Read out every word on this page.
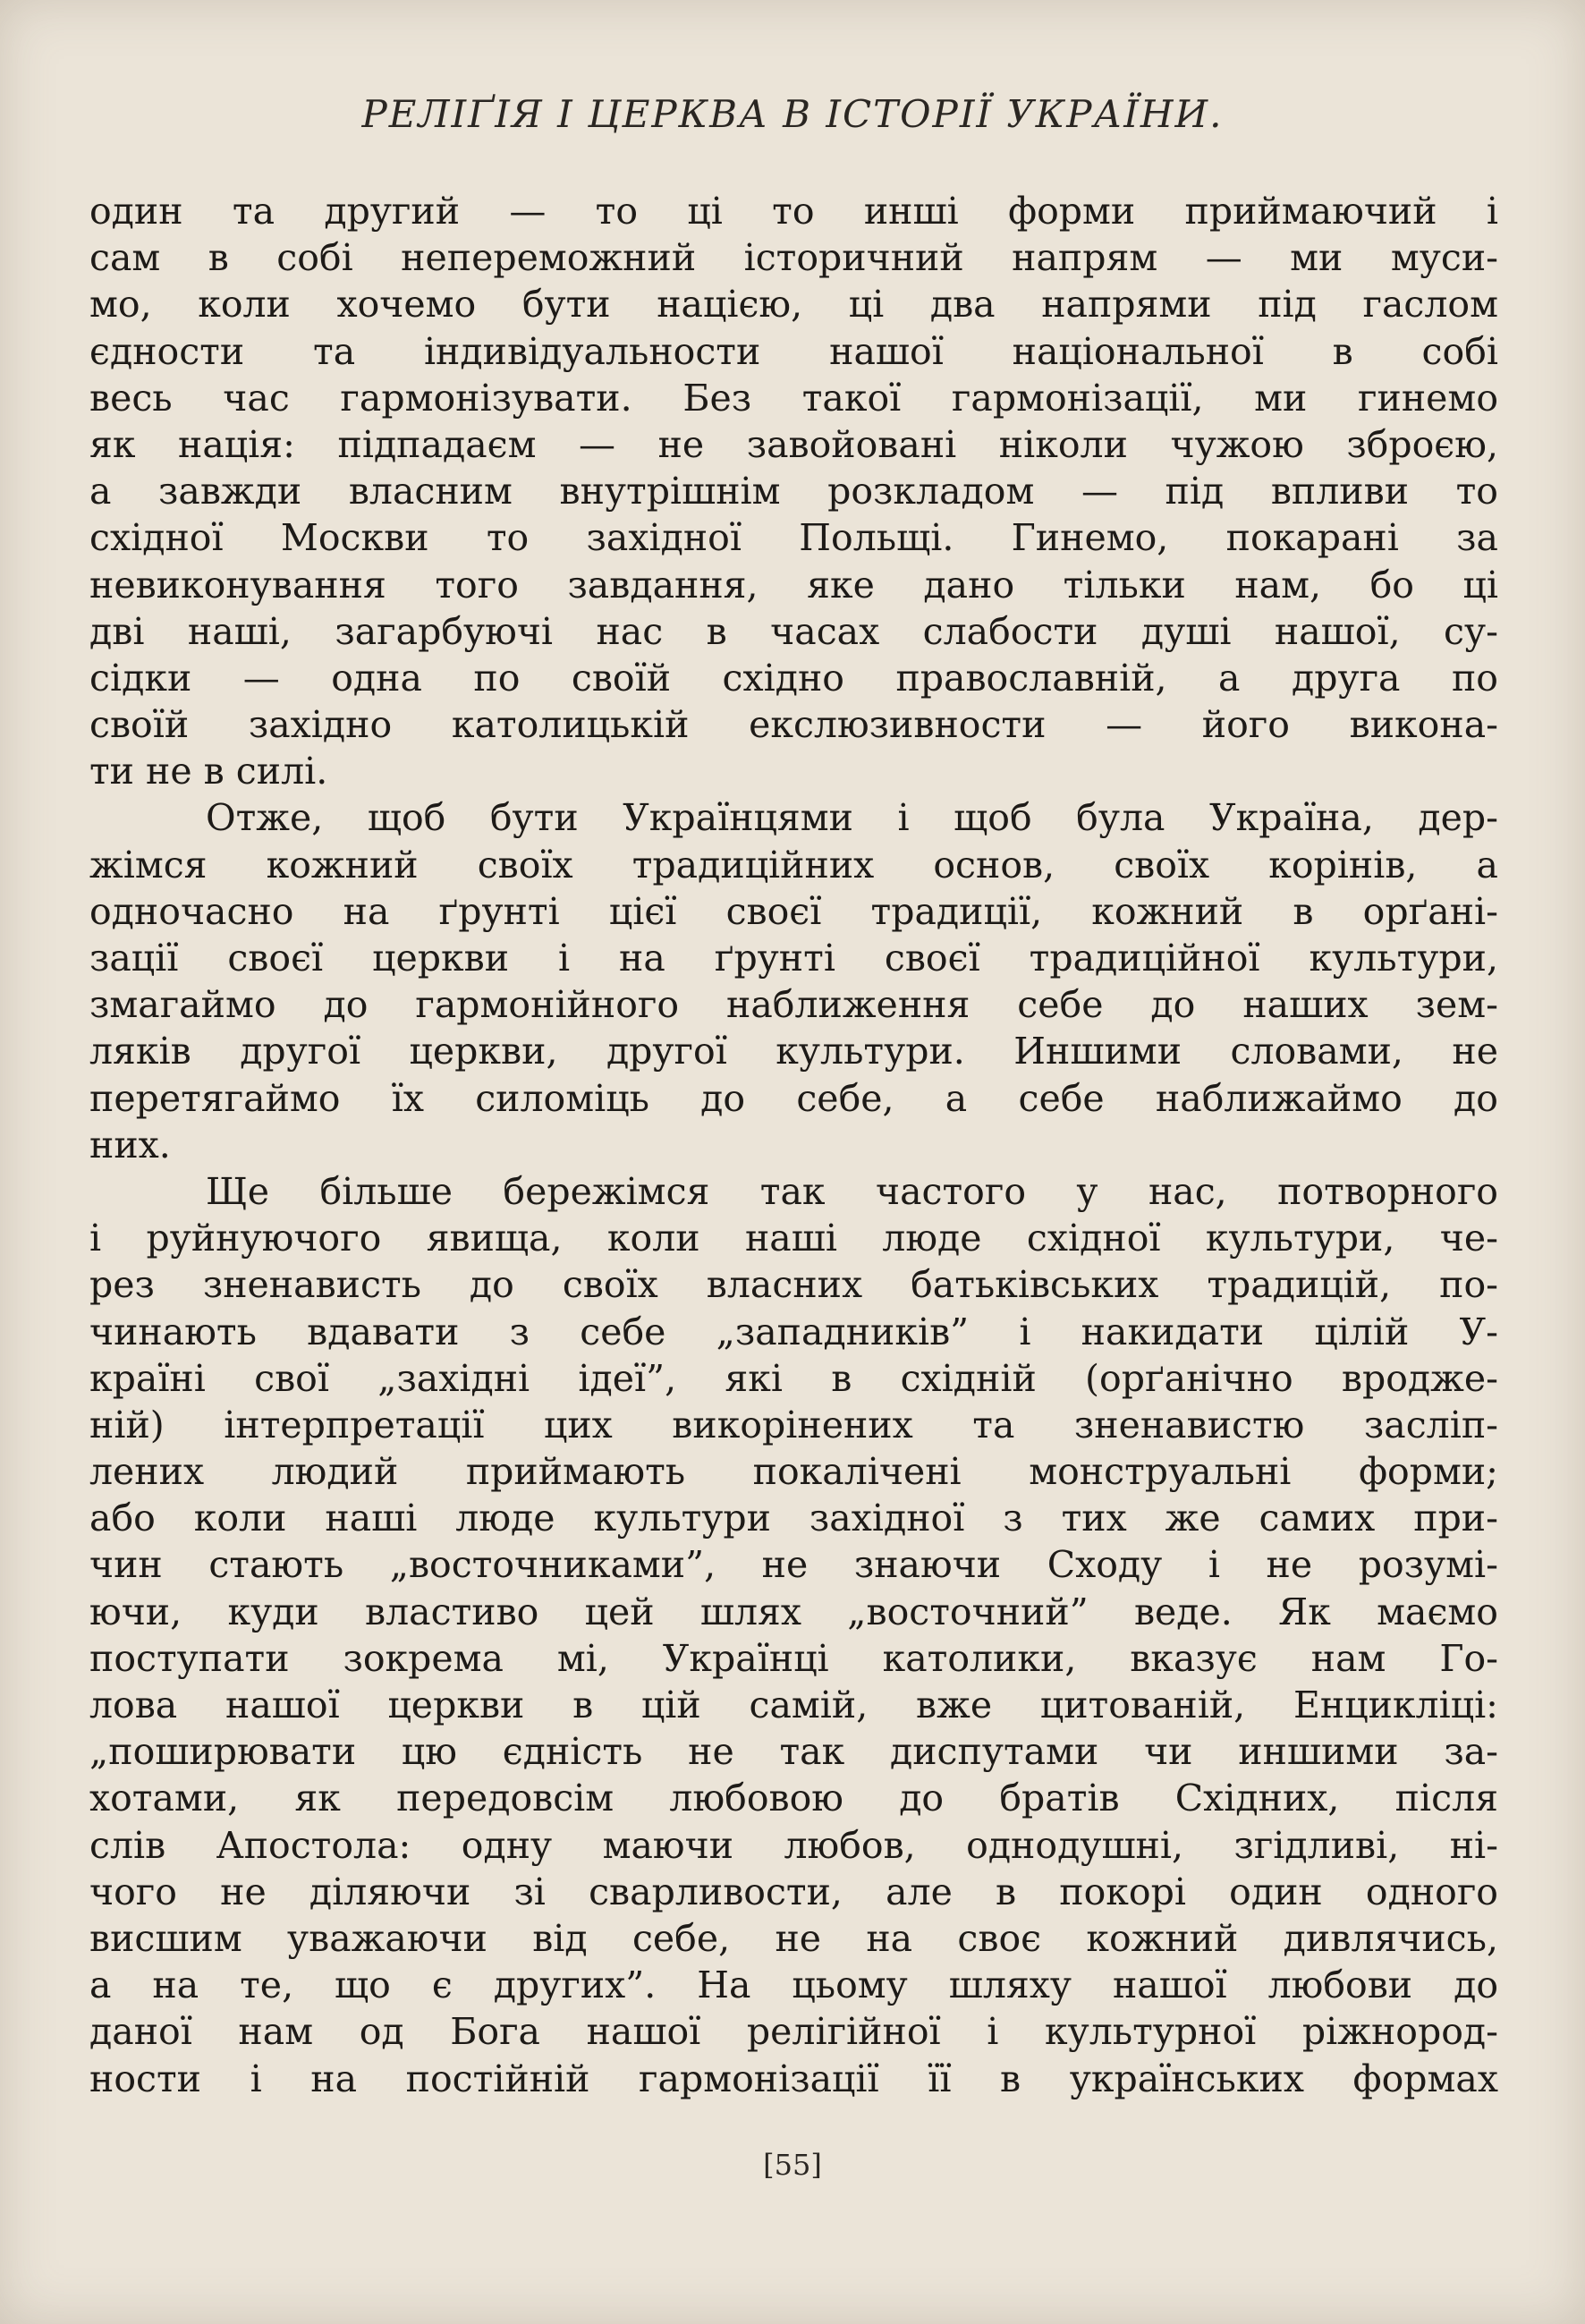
РЕЛІҐІЯ І ЦЕРКВА В ІСТОРІЇ УКРАЇНИ.
один та другий — то ці то инші форми приймаючий і
сам в собі непереможний історичний напрям — ми муси-
мо, коли хочемо бути нацією, ці два напрями під гаслом
єдности та індивідуальности нашої національної в собі
весь час гармонізувати. Без такої гармонізації, ми гинемо
як нація: підпадаєм — не завойовані ніколи чужою зброєю,
а завжди власним внутрішнім розкладом — під впливи то
східної Москви то західної Польщі. Гинемо, покарані за
невиконування того завдання, яке дано тільки нам, бо ці
дві наші, загарбуючі нас в часах слабости душі нашої, су-
сідки — одна по своїй східно православній, а друга по
своїй західно католицькій екслюзивности — його викона-
ти не в силі.
Отже, щоб бути Українцями і щоб була Україна, дер-
жімся кожний своїх традиційних основ, своїх корінів, а
одночасно на ґрунті цієї своєї традиції, кожний в орґані-
зації своєї церкви і на ґрунті своєї традиційної культури,
змагаймо до гармонійного наближення себе до наших зем-
ляків другої церкви, другої культури. Иншими словами, не
перетягаймо їх силоміць до себе, а себе наближаймо до
них.
Ще більше бережімся так частого у нас, потворного
і руйнуючого явища, коли наші люде східної культури, че-
рез зненависть до своїх власних батьківських традицій, по-
чинають вдавати з себе „западників” і накидати цілій У-
країні свої „західні ідеї”, які в східній (орґанічно вродже-
ній) інтерпретації цих викорінених та зненавистю засліп-
лених людий приймають покалічені монструальні форми;
або коли наші люде культури західної з тих же самих при-
чин стають „восточниками”, не знаючи Сходу і не розумі-
ючи, куди властиво цей шлях „восточний” веде. Як маємо
поступати зокрема мі, Українці католики, вказує нам Го-
лова нашої церкви в цій самій, вже цитованій, Енцикліці:
„поширювати цю єдність не так диспутами чи иншими за-
хотами, як передовсім любовою до братів Східних, після
слів Апостола: одну маючи любов, однодушні, згідливі, ні-
чого не діляючи зі сварливости, але в покорі один одного
висшим уважаючи від себе, не на своє кожний дивлячись,
а на те, що є других”. На цьому шляху нашої любови до
даної нам од Бога нашої релігійної і культурної ріжнород-
ности і на постійній гармонізації її в українських формах
[55]
